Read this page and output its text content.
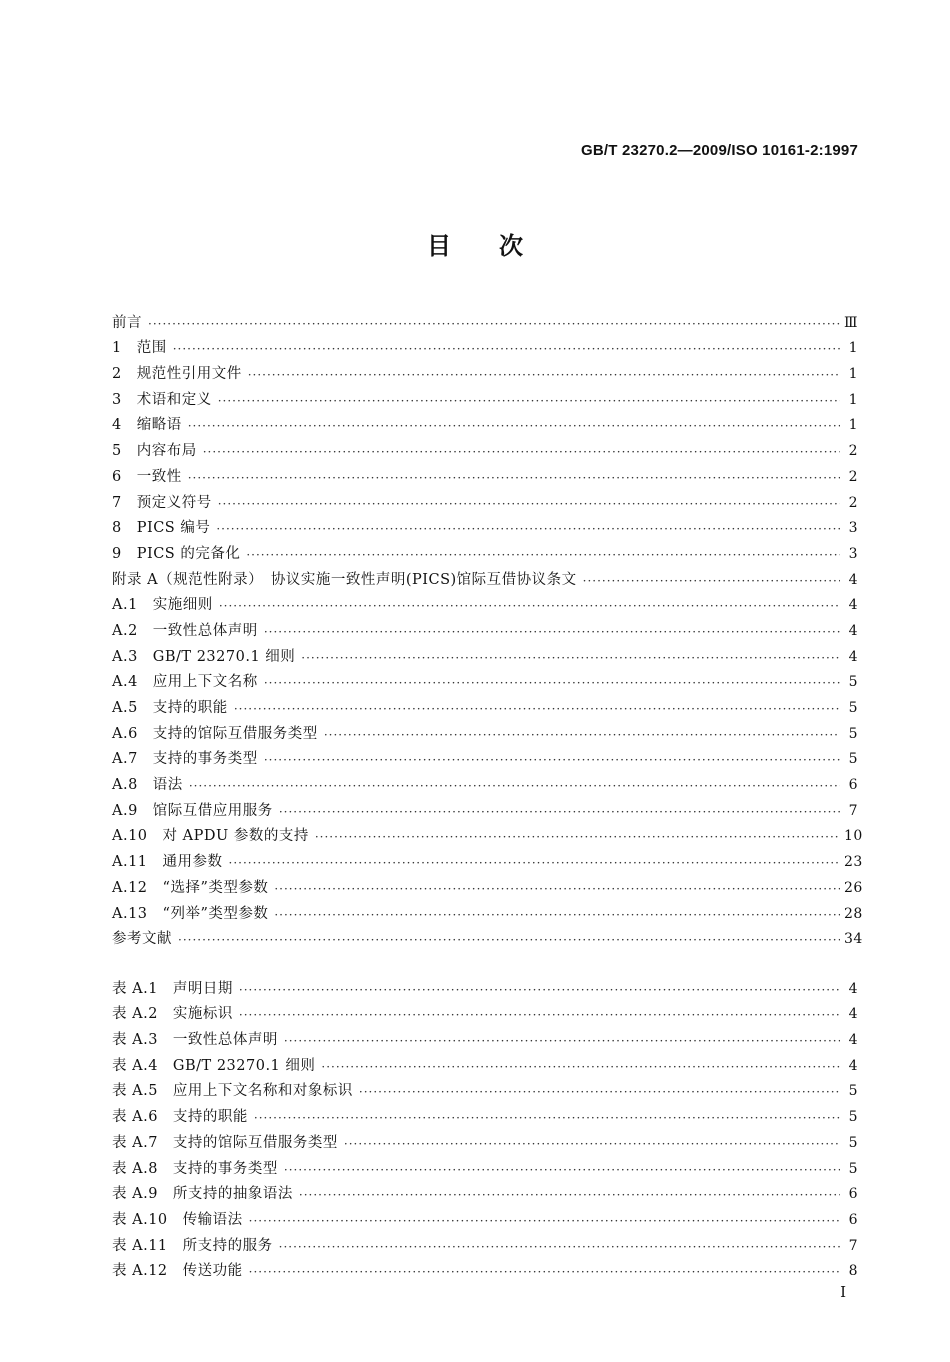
GB/T 23270.2—2009/ISO 10161-2:1997
目　　次
前言 ·····	Ⅲ
1　范围 ·····	1
2　规范性引用文件 ·····	1
3　术语和定义 ·····	1
4　缩略语 ·····	1
5　内容布局 ·····	2
6　一致性 ·····	2
7　预定义符号 ·····	2
8　PICS 编号 ·····	3
9　PICS 的完备化 ·····	3
附录 A（规范性附录）　协议实施一致性声明(PICS)馆际互借协议条文 ·····	4
A.1　实施细则 ·····	4
A.2　一致性总体声明 ·····	4
A.3　GB/T 23270.1 细则 ·····	4
A.4　应用上下文名称 ·····	5
A.5　支持的职能 ·····	5
A.6　支持的馆际互借服务类型 ·····	5
A.7　支持的事务类型 ·····	5
A.8　语法 ·····	6
A.9　馆际互借应用服务 ·····	7
A.10　对 APDU 参数的支持 ·····	10
A.11　通用参数 ·····	23
A.12　“选择”类型参数 ·····	26
A.13　“列举”类型参数 ·····	28
参考文献 ·····	34
表 A.1　声明日期 ·····	4
表 A.2　实施标识 ·····	4
表 A.3　一致性总体声明 ·····	4
表 A.4　GB/T 23270.1 细则 ·····	4
表 A.5　应用上下文名称和对象标识 ·····	5
表 A.6　支持的职能 ·····	5
表 A.7　支持的馆际互借服务类型 ·····	5
表 A.8　支持的事务类型 ·····	5
表 A.9　所支持的抽象语法 ·····	6
表 A.10　传输语法 ·····	6
表 A.11　所支持的服务 ·····	7
表 A.12　传送功能 ·····	8
I
